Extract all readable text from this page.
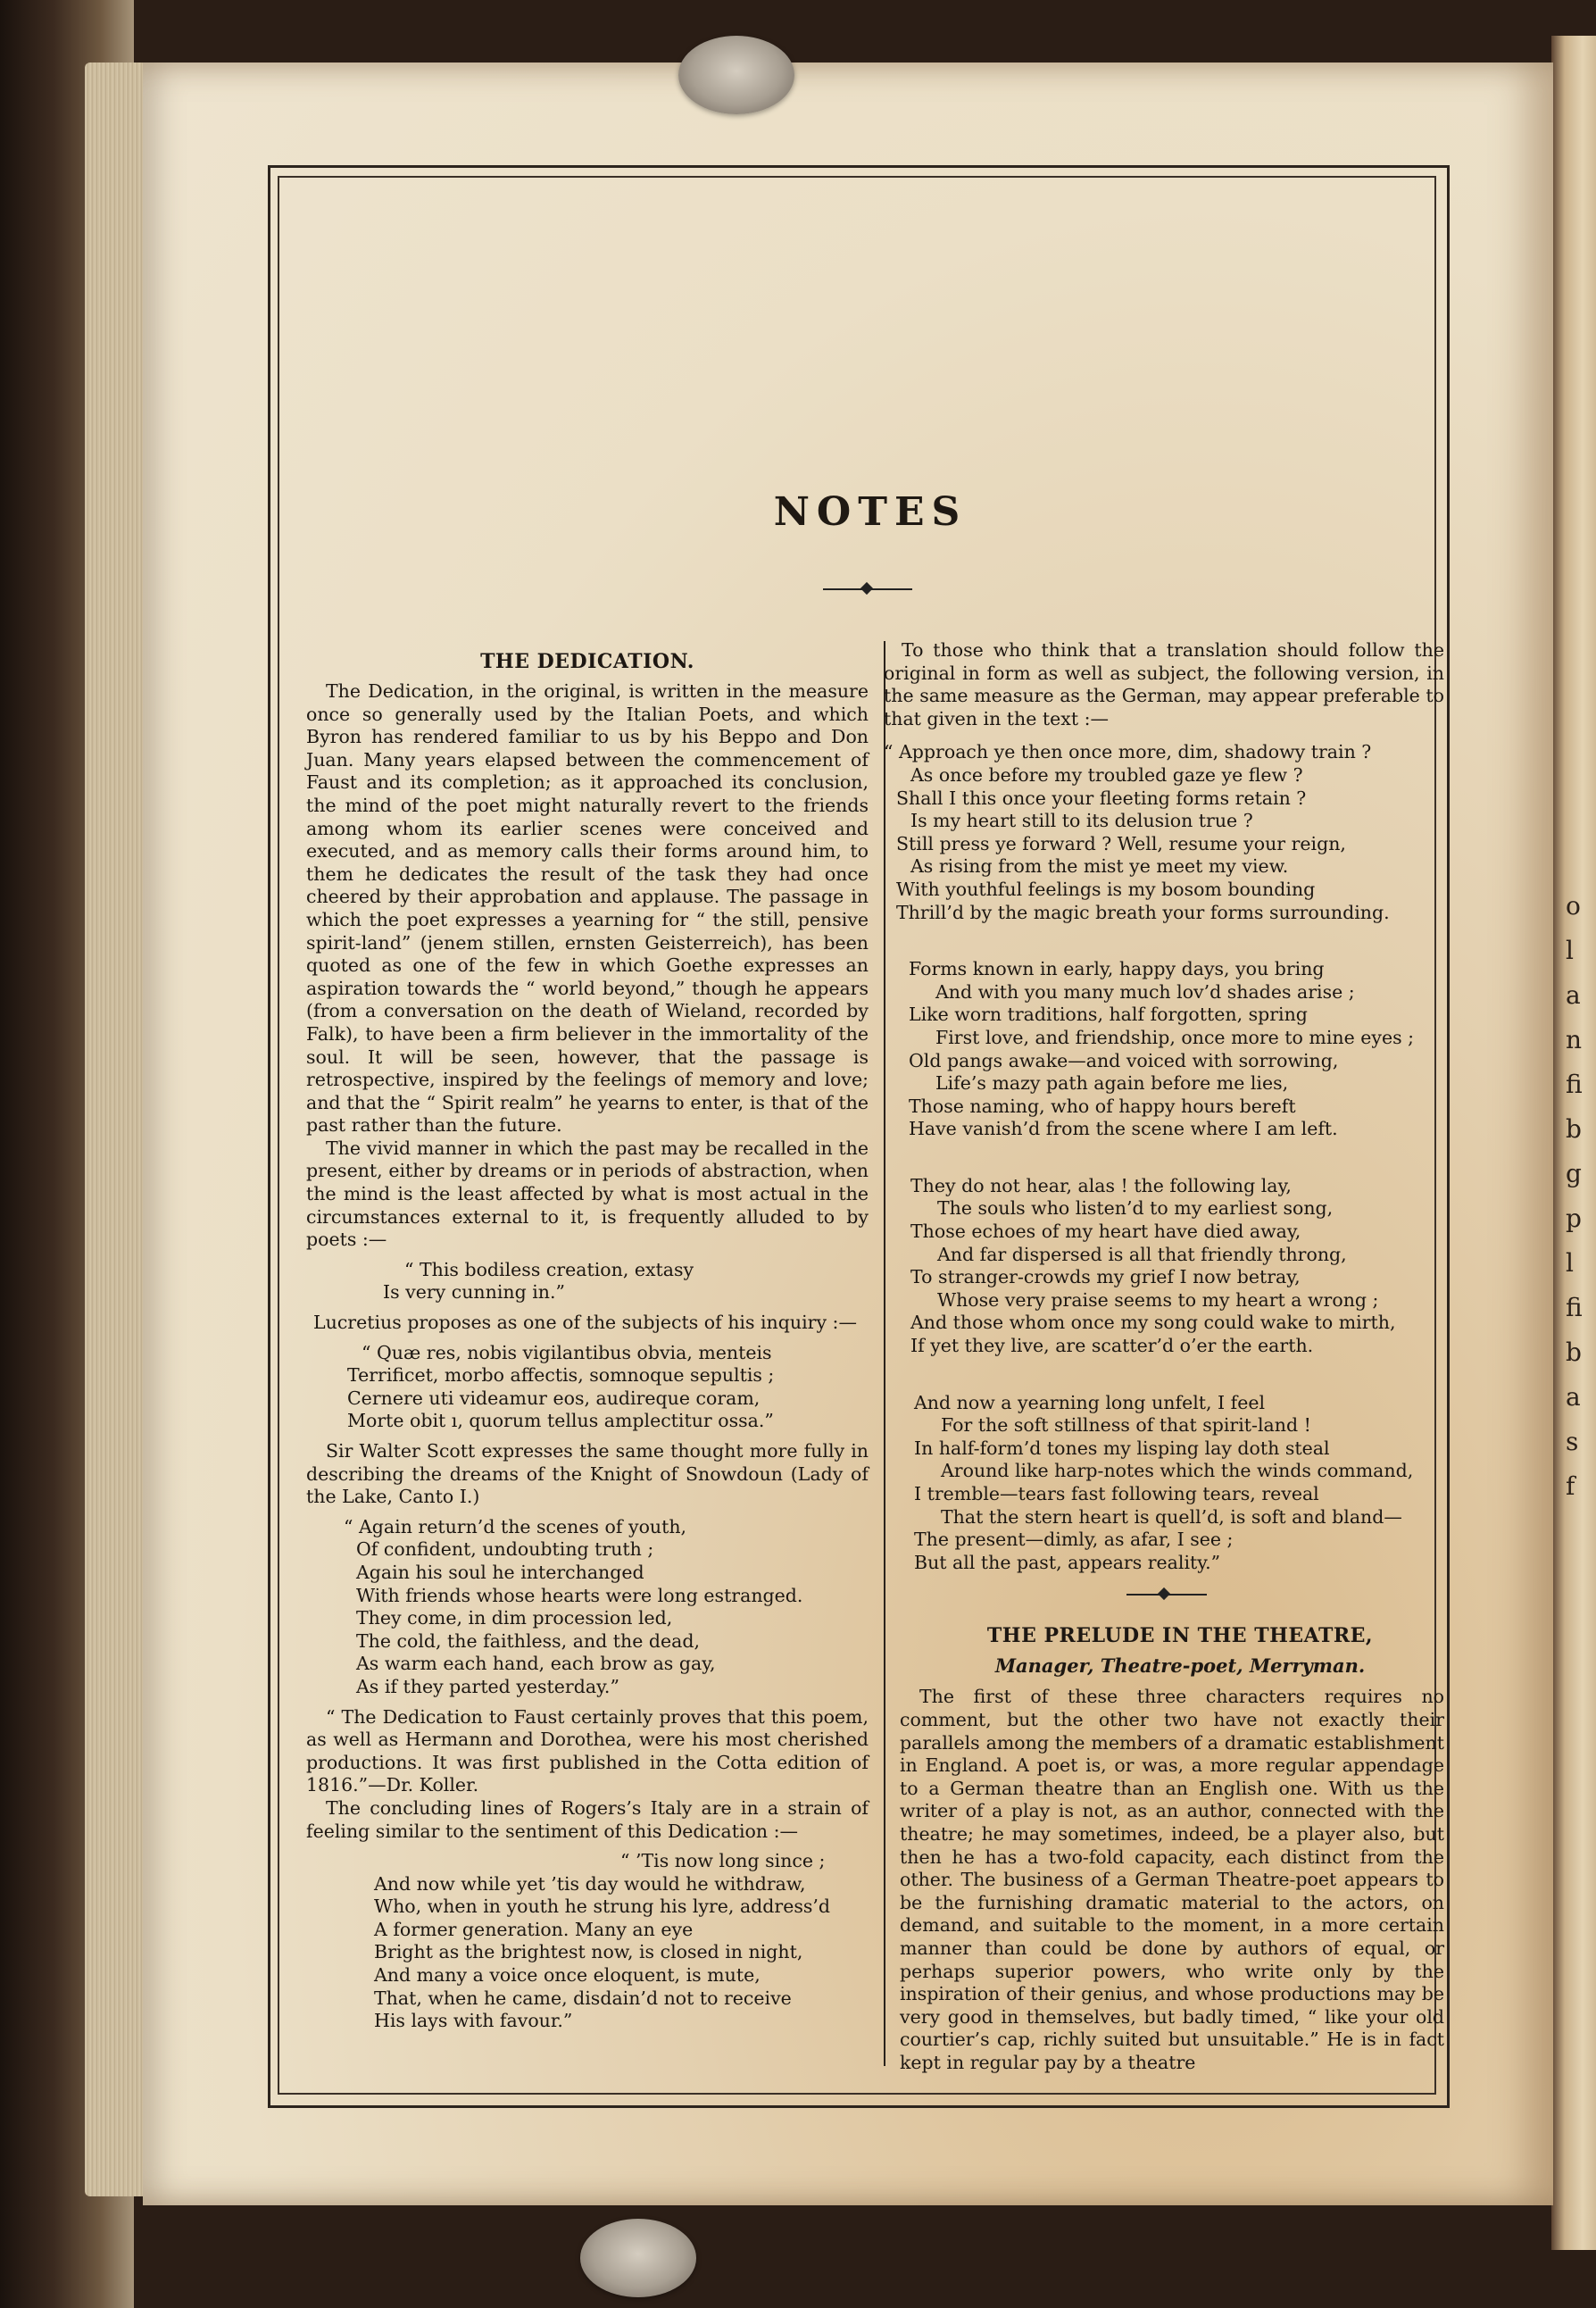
o
l
a
n
fi
b
g
p
l
fi
b
a
s
f
NOTES
THE DEDICATION.

The Dedication, in the original, is written in the measure once so generally used by the Italian Poets, and which Byron has rendered familiar to us by his Beppo and Don Juan. Many years elapsed between the commencement of Faust and its completion; as it approached its conclusion, the mind of the poet might naturally revert to the friends among whom its earlier scenes were conceived and executed, and as memory calls their forms around him, to them he dedicates the result of the task they had once cheered by their approbation and applause. The passage in which the poet expresses a yearning for “ the still, pensive spirit-land” (jenem stillen, ernsten Geisterreich), has been quoted as one of the few in which Goethe expresses an aspiration towards the “ world beyond,” though he appears (from a conversation on the death of Wieland, recorded by Falk), to have been a firm believer in the immortality of the soul. It will be seen, however, that the passage is retrospective, inspired by the feelings of memory and love; and that the “ Spirit realm” he yearns to enter, is that of the past rather than the future.

The vivid manner in which the past may be recalled in the present, either by dreams or in periods of abstraction, when the mind is the least affected by what is most actual in the circumstances external to it, is frequently alluded to by poets :—

“ This bodiless creation, extasy
Is very cunning in.”

Lucretius proposes as one of the subjects of his inquiry :—

“ Quæ res, nobis vigilantibus obvia, menteis
Terrificet, morbo affectis, somnoque sepultis ;
Cernere uti videamur eos, audireque coram,
Morte obit ı, quorum tellus amplectitur ossa.”

Sir Walter Scott expresses the same thought more fully in describing the dreams of the Knight of Snowdoun (Lady of the Lake, Canto I.)

“ Again return’d the scenes of youth,
Of confident, undoubting truth ;
Again his soul he interchanged
With friends whose hearts were long estranged.
They come, in dim procession led,
The cold, the faithless, and the dead,
As warm each hand, each brow as gay,
As if they parted yesterday.”

“ The Dedication to Faust certainly proves that this poem, as well as Hermann and Dorothea, were his most cherished productions. It was first published in the Cotta edition of 1816.”—Dr. Koller.

The concluding lines of Rogers’s Italy are in a strain of feeling similar to the sentiment of this Dedication :—

“ ’Tis now long since ;
And now while yet ’tis day would he withdraw,
Who, when in youth he strung his lyre, address’d
A former generation. Many an eye
Bright as the brightest now, is closed in night,
And many a voice once eloquent, is mute,
That, when he came, disdain’d not to receive
His lays with favour.”

To those who think that a translation should follow the original in form as well as subject, the following version, in the same measure as the German, may appear preferable to that given in the text :—

“ Approach ye then once more, dim, shadowy train ?
As once before my troubled gaze ye flew ?
Shall I this once your fleeting forms retain ?
Is my heart still to its delusion true ?
Still press ye forward ? Well, resume your reign,
As rising from the mist ye meet my view.
With youthful feelings is my bosom bounding
Thrill’d by the magic breath your forms surrounding.
Forms known in early, happy days, you bring
And with you many much lov’d shades arise ;
Like worn traditions, half forgotten, spring
First love, and friendship, once more to mine eyes ;
Old pangs awake—and voiced with sorrowing,
Life’s mazy path again before me lies,
Those naming, who of happy hours bereft
Have vanish’d from the scene where I am left.
They do not hear, alas ! the following lay,
The souls who listen’d to my earliest song,
Those echoes of my heart have died away,
And far dispersed is all that friendly throng,
To stranger-crowds my grief I now betray,
Whose very praise seems to my heart a wrong ;
And those whom once my song could wake to mirth,
If yet they live, are scatter’d o’er the earth.
And now a yearning long unfelt, I feel
For the soft stillness of that spirit-land !
In half-form’d tones my lisping lay doth steal
Around like harp-notes which the winds command,
I tremble—tears fast following tears, reveal
That the stern heart is quell’d, is soft and bland—
The present—dimly, as afar, I see ;
But all the past, appears reality.”
THE PRELUDE IN THE THEATRE,
Manager, Theatre-poet, Merryman.

The first of these three characters requires no comment, but the other two have not exactly their parallels among the members of a dramatic establishment in England. A poet is, or was, a more regular appendage to a German theatre than an English one. With us the writer of a play is not, as an author, connected with the theatre; he may sometimes, indeed, be a player also, but then he has a two-fold capacity, each distinct from the other. The business of a German Theatre-poet appears to be the furnishing dramatic material to the actors, on demand, and suitable to the moment, in a more certain manner than could be done by authors of equal, or perhaps superior powers, who write only by the inspiration of their genius, and whose productions may be very good in themselves, but badly timed, “ like your old courtier’s cap, richly suited but unsuitable.” He is in fact kept in regular pay by a theatre
